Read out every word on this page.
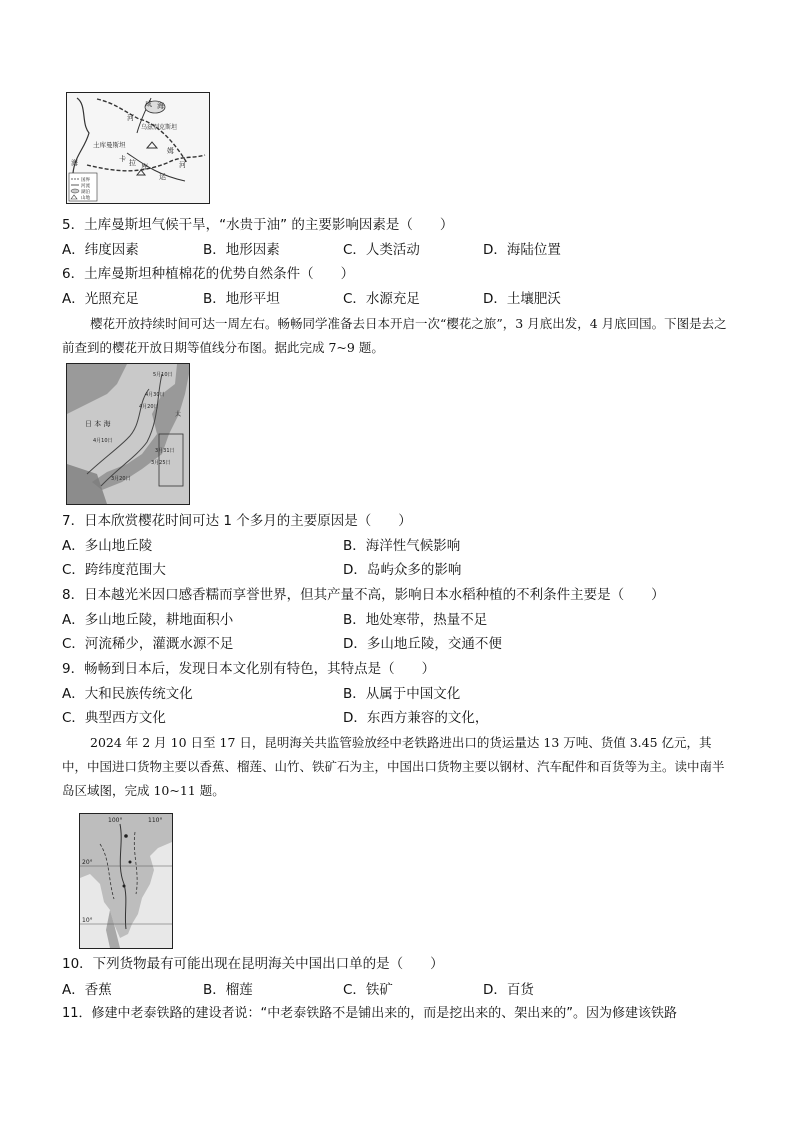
咸 海
河
乌兹别克斯坦
土库曼斯坦
海	卡 拉 库
姆
运
河
国界
河流
湖泊
山地
5．土库曼斯坦气候干旱，“水贵于油” 的主要影响因素是（　　）
A．纬度因素	B．地形因素	C．人类活动	D．海陆位置
6．土库曼斯坦种植棉花的优势自然条件（　　）
A．光照充足	B．地形平坦	C．水源充足	D．土壤肥沃
樱花开放持续时间可达一周左右。畅畅同学准备去日本开启一次“樱花之旅”，3 月底出发，4 月底回国。下图是去之前查到的樱花开放日期等值线分布图。据此完成 7~9 题。
5月10日
4月30日
4月20日
日 本 海
4月10日
3月31日
3月25日
3月20日
太
7．日本欣赏樱花时间可达 1 个多月的主要原因是（　　）
A．多山地丘陵	B．海洋性气候影响
C．跨纬度范围大	D．岛屿众多的影响
8．日本越光米因口感香糯而享誉世界，但其产量不高，影响日本水稻种植的不利条件主要是（　　）
A．多山地丘陵，耕地面积小	B．地处寒带，热量不足
C．河流稀少，灌溉水源不足	D．多山地丘陵，交通不便
9．畅畅到日本后，发现日本文化别有特色，其特点是（　　）
A．大和民族传统文化	B．从属于中国文化
C．典型西方文化	D．东西方兼容的文化，
2024 年 2 月 10 日至 17 日，昆明海关共监管验放经中老铁路进出口的货运量达 13 万吨、货值 3.45 亿元，其中，中国进口货物主要以香蕉、榴莲、山竹、铁矿石为主，中国出口货物主要以钢材、汽车配件和百货等为主。读中南半岛区域图，完成 10~11 题。
110°
100°
20°
10°
10．下列货物最有可能出现在昆明海关中国出口单的是（　　）
A．香蕉	B．榴莲	C．铁矿	D．百货
11．修建中老泰铁路的建设者说：“中老泰铁路不是铺出来的，而是挖出来的、架出来的”。因为修建该铁路
